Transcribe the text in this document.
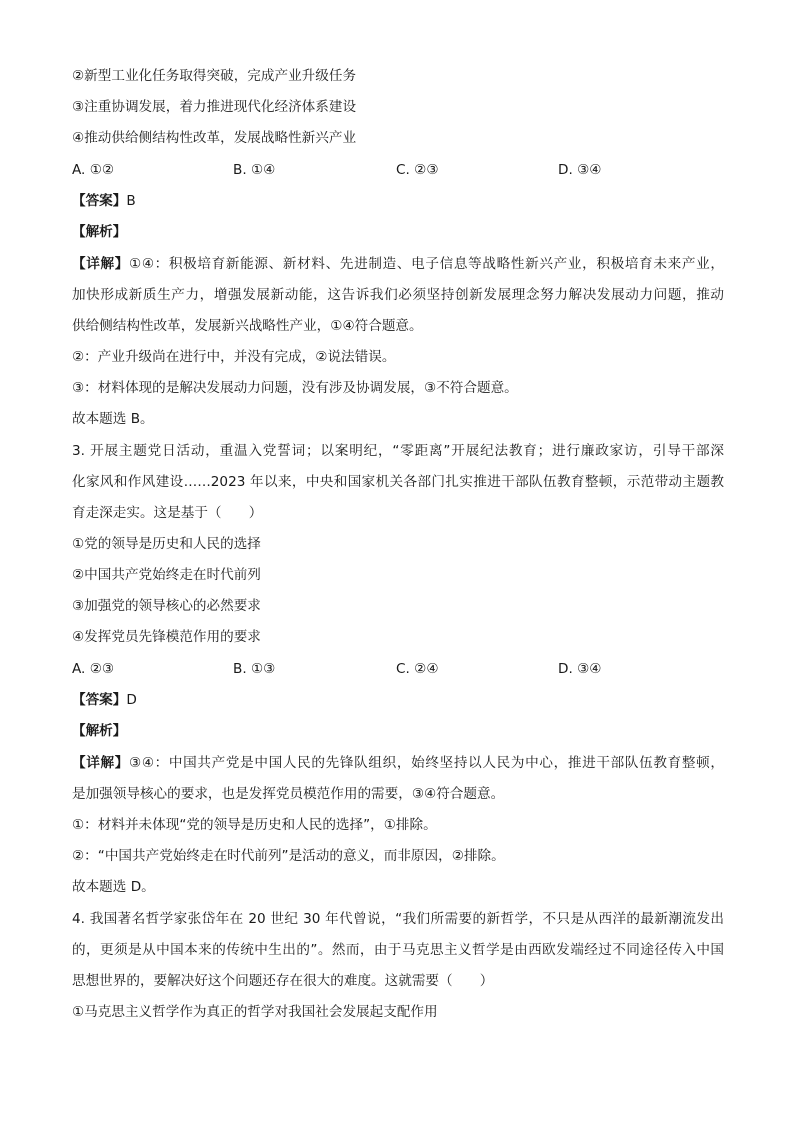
②新型工业化任务取得突破，完成产业升级任务
③注重协调发展，着力推进现代化经济体系建设
④推动供给侧结构性改革，发展战略性新兴产业
A. ①②	B. ①④	C. ②③	D. ③④
【答案】B
【解析】
【详解】①④：积极培育新能源、新材料、先进制造、电子信息等战略性新兴产业，积极培育未来产业，
加快形成新质生产力，增强发展新动能，这告诉我们必须坚持创新发展理念努力解决发展动力问题，推动
供给侧结构性改革，发展新兴战略性产业，①④符合题意。
②：产业升级尚在进行中，并没有完成，②说法错误。
③：材料体现的是解决发展动力问题，没有涉及协调发展，③不符合题意。
故本题选 B。
3. 开展主题党日活动，重温入党誓词；以案明纪，“零距离”开展纪法教育；进行廉政家访，引导干部深
化家风和作风建设……2023 年以来，中央和国家机关各部门扎实推进干部队伍教育整顿，示范带动主题教
育走深走实。这是基于（　　）
①党的领导是历史和人民的选择
②中国共产党始终走在时代前列
③加强党的领导核心的必然要求
④发挥党员先锋模范作用的要求
A. ②③	B. ①③	C. ②④	D. ③④
【答案】D
【解析】
【详解】③④：中国共产党是中国人民的先锋队组织，始终坚持以人民为中心，推进干部队伍教育整顿，
是加强领导核心的要求，也是发挥党员模范作用的需要，③④符合题意。
①：材料并未体现“党的领导是历史和人民的选择”，①排除。
②：“中国共产党始终走在时代前列”是活动的意义，而非原因，②排除。
故本题选 D。
4. 我国著名哲学家张岱年在 20 世纪 30 年代曾说，“我们所需要的新哲学，不只是从西洋的最新潮流发出
的，更须是从中国本来的传统中生出的”。然而，由于马克思主义哲学是由西欧发端经过不同途径传入中国
思想世界的，要解决好这个问题还存在很大的难度。这就需要（　　）
①马克思主义哲学作为真正的哲学对我国社会发展起支配作用
